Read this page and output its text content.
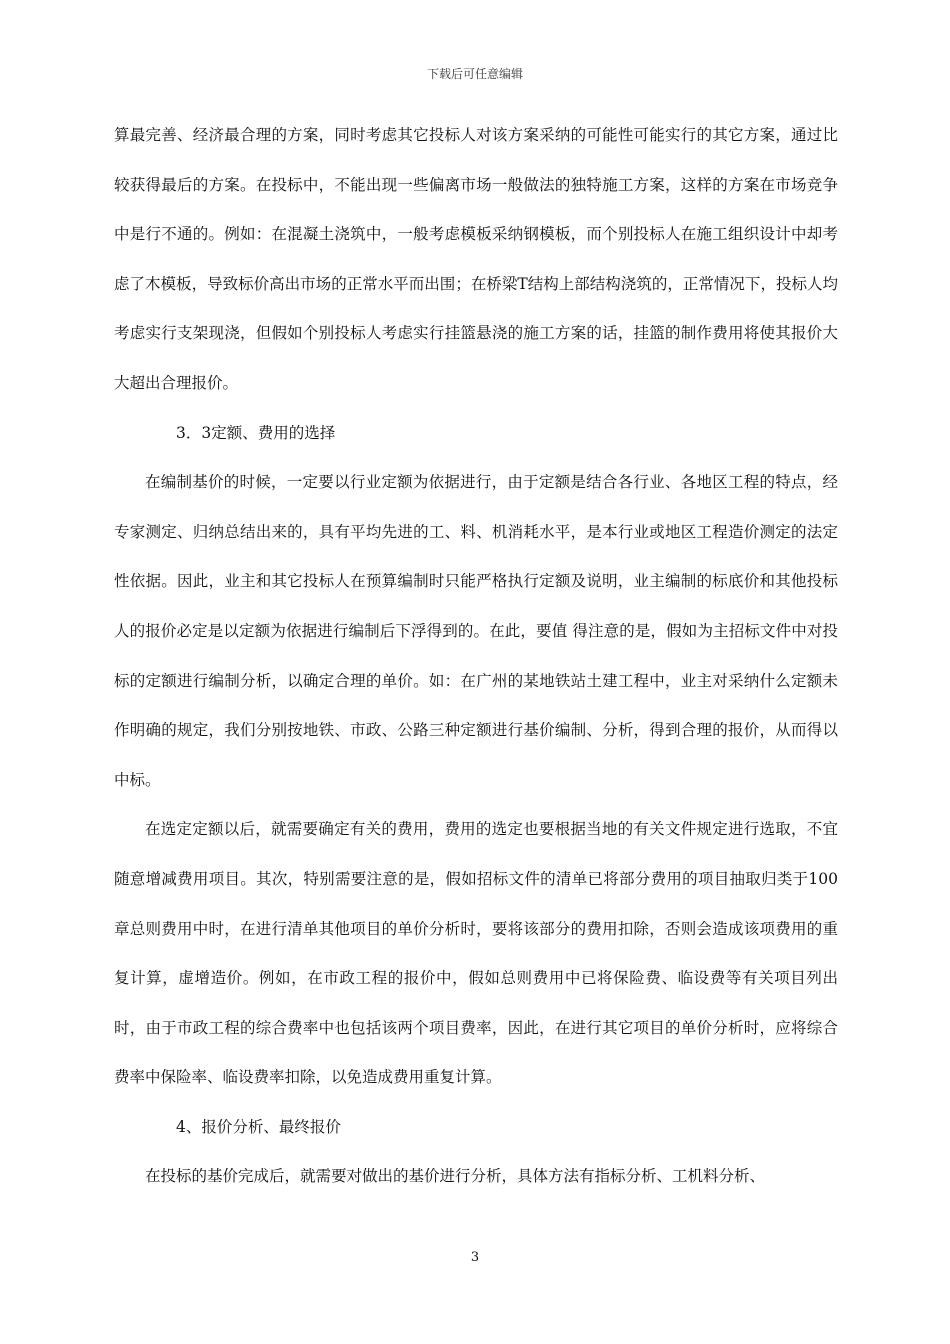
下载后可任意编辑

算最完善、经济最合理的方案，同时考虑其它投标人对该方案采纳的可能性可能实行的其它方案，通过比较获得最后的方案。在投标中，不能出现一些偏离市场一般做法的独特施工方案，这样的方案在市场竞争中是行不通的。例如：在混凝土浇筑中，一般考虑模板采纳钢模板，而个别投标人在施工组织设计中却考虑了木模板，导致标价高出市场的正常水平而出围；在桥梁T结构上部结构浇筑的，正常情况下，投标人均考虑实行支架现浇，但假如个别投标人考虑实行挂篮悬浇的施工方案的话，挂篮的制作费用将使其报价大大超出合理报价。

3．3定额、费用的选择

在编制基价的时候，一定要以行业定额为依据进行，由于定额是结合各行业、各地区工程的特点，经专家测定、归纳总结出来的，具有平均先进的工、料、机消耗水平，是本行业或地区工程造价测定的法定性依据。因此，业主和其它投标人在预算编制时只能严格执行定额及说明，业主编制的标底价和其他投标人的报价必定是以定额为依据进行编制后下浮得到的。在此，要值 得注意的是，假如为主招标文件中对投标的定额进行编制分析，以确定合理的单价。如：在广州的某地铁站土建工程中，业主对采纳什么定额未作明确的规定，我们分别按地铁、市政、公路三种定额进行基价编制、分析，得到合理的报价，从而得以中标。

在选定定额以后，就需要确定有关的费用，费用的选定也要根据当地的有关文件规定进行选取，不宜随意增减费用项目。其次，特别需要注意的是，假如招标文件的清单已将部分费用的项目抽取归类于100章总则费用中时，在进行清单其他项目的单价分析时，要将该部分的费用扣除，否则会造成该项费用的重复计算，虚增造价。例如，在市政工程的报价中，假如总则费用中已将保险费、临设费等有关项目列出时，由于市政工程的综合费率中也包括该两个项目费率，因此，在进行其它项目的单价分析时，应将综合费率中保险率、临设费率扣除，以免造成费用重复计算。

4、报价分析、最终报价

在投标的基价完成后，就需要对做出的基价进行分析，具体方法有指标分析、工机料分析、

3
